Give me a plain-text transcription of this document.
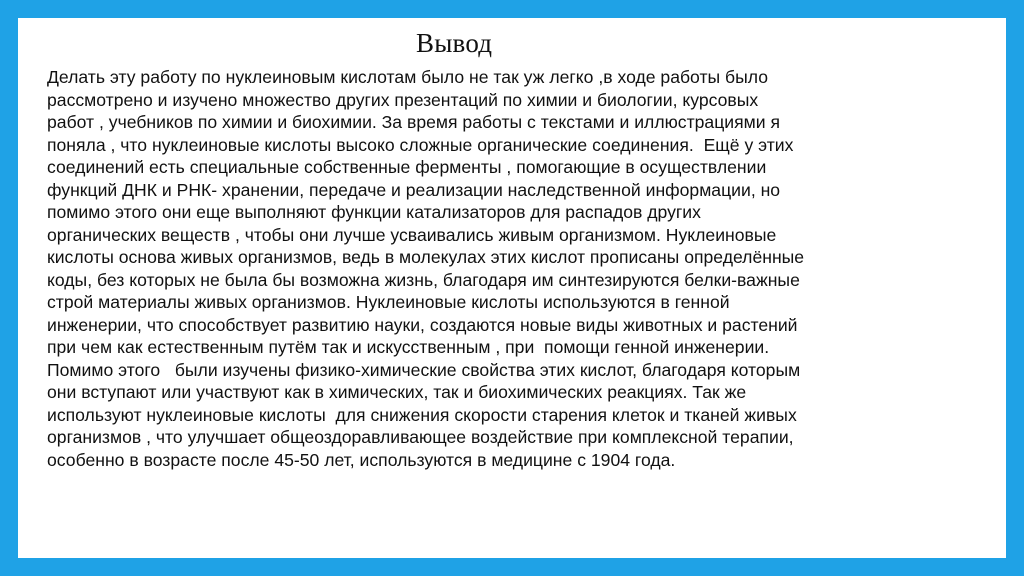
Вывод
Делать эту работу по нуклеиновым кислотам было не так уж легко ,в ходе работы было
рассмотрено и изучено множество других презентаций по химии и биологии, курсовых
работ , учебников по химии и биохимии. За время работы с текстами и иллюстрациями я
поняла , что нуклеиновые кислоты высоко сложные органические соединения.  Ещё у этих
соединений есть специальные собственные ферменты , помогающие в осуществлении
функций ДНК и РНК- хранении, передаче и реализации наследственной информации, но
помимо этого они еще выполняют функции катализаторов для распадов других
органических веществ , чтобы они лучше усваивались живым организмом. Нуклеиновые
кислоты основа живых организмов, ведь в молекулах этих кислот прописаны определённые
коды, без которых не была бы возможна жизнь, благодаря им синтезируются белки-важные
строй материалы живых организмов. Нуклеиновые кислоты используются в генной
инженерии, что способствует развитию науки, создаются новые виды животных и растений
при чем как естественным путём так и искусственным , при  помощи генной инженерии.
Помимо этого   были изучены физико-химические свойства этих кислот, благодаря которым
они вступают или участвуют как в химических, так и биохимических реакциях. Так же
используют нуклеиновые кислоты  для снижения скорости старения клеток и тканей живых
организмов , что улучшает общеоздоравливающее воздействие при комплексной терапии,
особенно в возрасте после 45-50 лет, используются в медицине с 1904 года.
